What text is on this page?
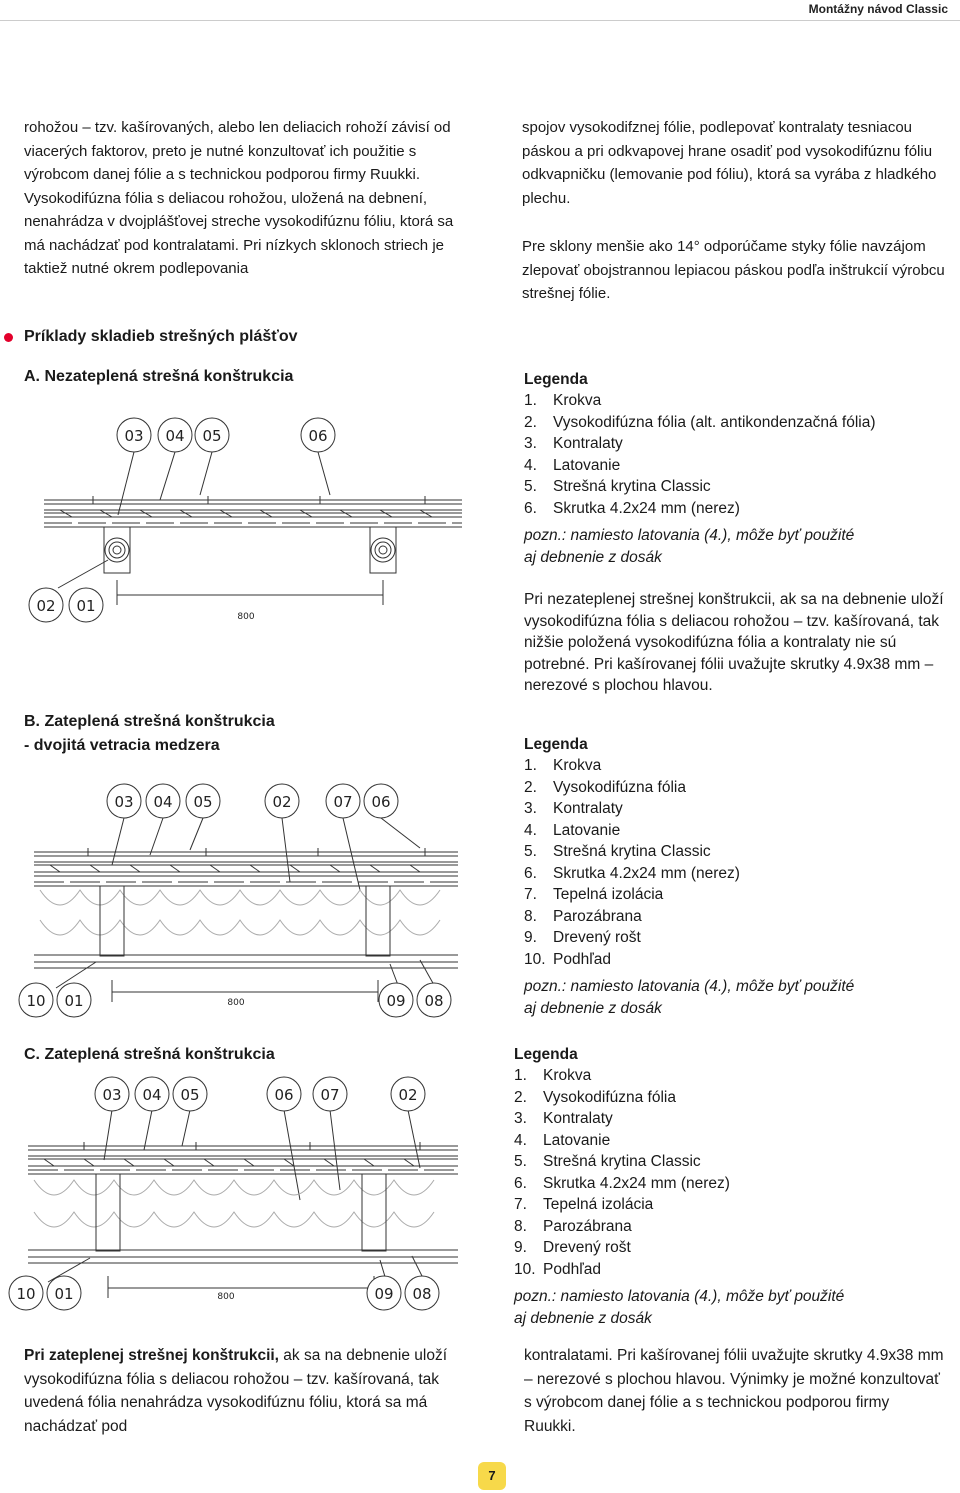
Montážny návod Classic

rohožou – tzv. kašírovaných, alebo len deliacich rohoží závisí od viacerých faktorov, preto je nutné konzultovať ich použitie s výrobcom danej fólie a s technickou podporou firmy Ruukki. Vysokodifúzna fólia s deliacou rohožou, uložená na debnení, nenahrádza v dvojplášťovej streche vysokodifúznu fóliu, ktorá sa má nachádzať pod kontralatami. Pri nízkych sklonoch striech je taktiež nutné okrem podlepovania

spojov vysokodifznej fólie, podlepovať kontralaty tesniacou páskou a pri odkvapovej hrane osadiť pod vysokodifúznu fóliu odkvapničku (lemovanie pod fóliu), ktorá sa vyrába z hladkého plechu.

Pre sklony menšie ako 14° odporúčame styky fólie navzájom zlepovať obojstrannou lepiacou páskou podľa inštrukcií výrobcu strešnej fólie.

Príklady skladieb strešných plášťov
A. Nezateplená strešná konštrukcia
03 04 05	06
02 01
800
Legenda
1.	Krokva
2.	Vysokodifúzna fólia (alt. antikondenzačná fólia)
3.	Kontralaty
4.	Latovanie
5.	Strešná krytina Classic
6.	Skrutka 4.2x24 mm (nerez)

pozn.: namiesto latovania (4.), môže byť použité
aj debnenie z dosák

Pri nezateplenej strešnej konštrukcii, ak sa na debnenie uloží vysokodifúzna fólia s deliacou rohožou – tzv. kašírovaná, tak nižšie položená vysokodifúzna fólia a kontralaty nie sú potrebné. Pri kašírovanej fólii uvažujte skrutky 4.9x38 mm – nerezové s plochou hlavou.

B. Zateplená strešná konštrukcia
- dvojitá vetracia medzera
03 04 05	02	07 06
10 01	09 08
800
Legenda
1.	Krokva
2.	Vysokodifúzna fólia
3.	Kontralaty
4.	Latovanie
5.	Strešná krytina Classic
6.	Skrutka 4.2x24 mm (nerez)
7.	Tepelná izolácia
8.	Parozábrana
9.	Drevený rošt
10. Podhľad

pozn.: namiesto latovania (4.), môže byť použité
aj debnenie z dosák

C. Zateplená strešná konštrukcia
03 04 05	06 07	02
10 01	09 08
800
Legenda
1.	Krokva
2.	Vysokodifúzna fólia
3.	Kontralaty
4.	Latovanie
5.	Strešná krytina Classic
6.	Skrutka 4.2x24 mm (nerez)
7.	Tepelná izolácia
8.	Parozábrana
9.	Drevený rošt
10. Podhľad

pozn.: namiesto latovania (4.), môže byť použité
aj debnenie z dosák

Pri zateplenej strešnej konštrukcii, ak sa na debnenie uloží vysokodifúzna fólia s deliacou rohožou – tzv. kašírovaná, tak uvedená fólia nenahrádza vysokodifúznu fóliu, ktorá sa má nachádzať pod

kontralatami. Pri kašírovanej fólii uvažujte skrutky 4.9x38 mm – nerezové s plochou hlavou. Výnimky je možné konzultovať s výrobcom danej fólie a s technickou podporou firmy Ruukki.

7
